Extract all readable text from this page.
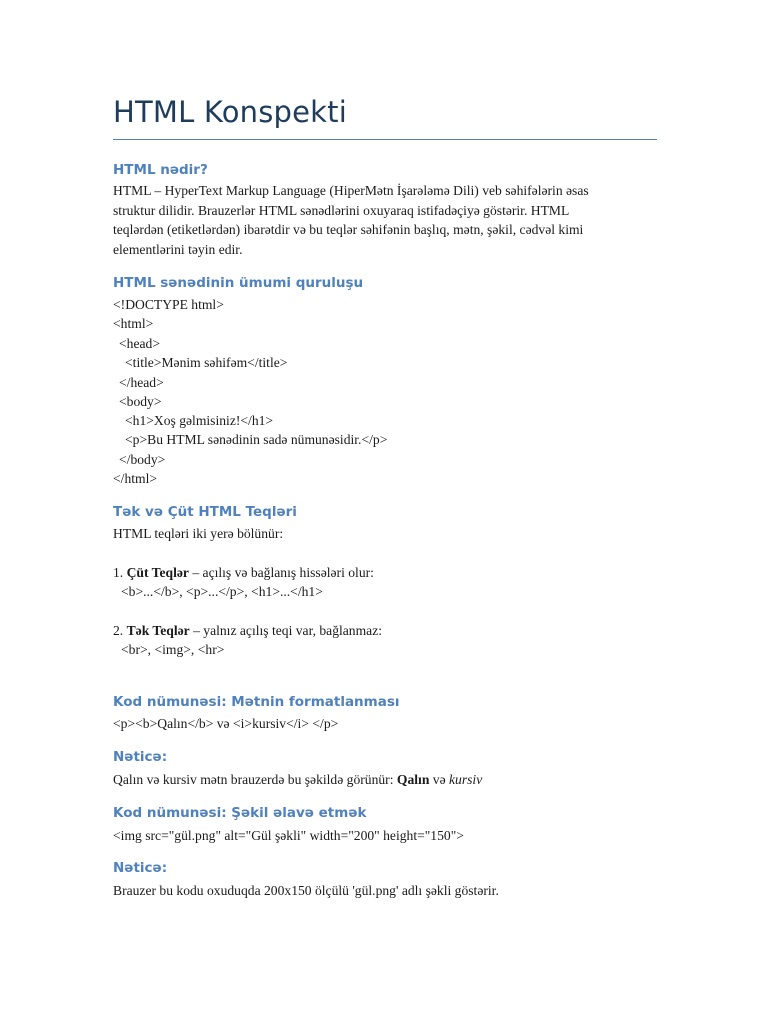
HTML Konspekti
HTML nədir?
HTML – HyperText Markup Language (HiperMətn İşarələmə Dili) veb səhifələrin əsas
struktur dilidir. Brauzerlər HTML sənədlərini oxuyaraq istifadəçiyə göstərir. HTML
teqlərdən (etiketlərdən) ibarətdir və bu teqlər səhifənin başlıq, mətn, şəkil, cədvəl kimi
elementlərini təyin edir.
HTML sənədinin ümumi quruluşu
<!DOCTYPE html>
<html>
<head>
<title>Mənim səhifəm</title>
</head>
<body>
<h1>Xoş gəlmisiniz!</h1>
<p>Bu HTML sənədinin sadə nümunəsidir.</p>
</body>
</html>
Tək və Çüt HTML Teqləri
HTML teqləri iki yerə bölünür:
1. Çüt Teqlər – açılış və bağlanış hissələri olur:
<b>...</b>, <p>...</p>, <h1>...</h1>
2. Tək Teqlər – yalnız açılış teqi var, bağlanmaz:
<br>, <img>, <hr>
Kod nümunəsi: Mətnin formatlanması
<p><b>Qalın</b> və <i>kursiv</i> </p>
Nəticə:
Qalın və kursiv mətn brauzerdə bu şəkildə görünür: Qalın və kursiv
Kod nümunəsi: Şəkil əlavə etmək
<img src="gül.png" alt="Gül şəkli" width="200" height="150">
Nəticə:
Brauzer bu kodu oxuduqda 200x150 ölçülü 'gül.png' adlı şəkli göstərir.
